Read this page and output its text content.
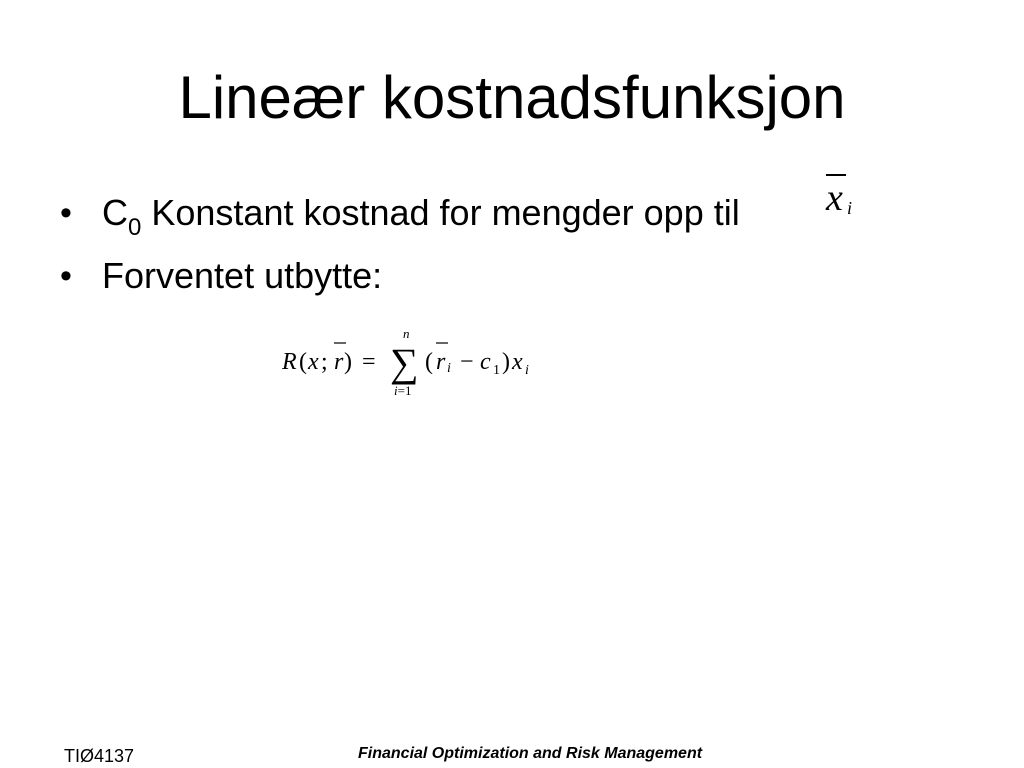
Lineær kostnadsfunksjon
• $C_0$ Konstant kostnad for mengder opp til
• Forventet utbytte:
x i
R ( x ; r ) =
n
∑
i=1
( r i − c 1 ) x i
TIØ4137	Financial Optimization and Risk Management
